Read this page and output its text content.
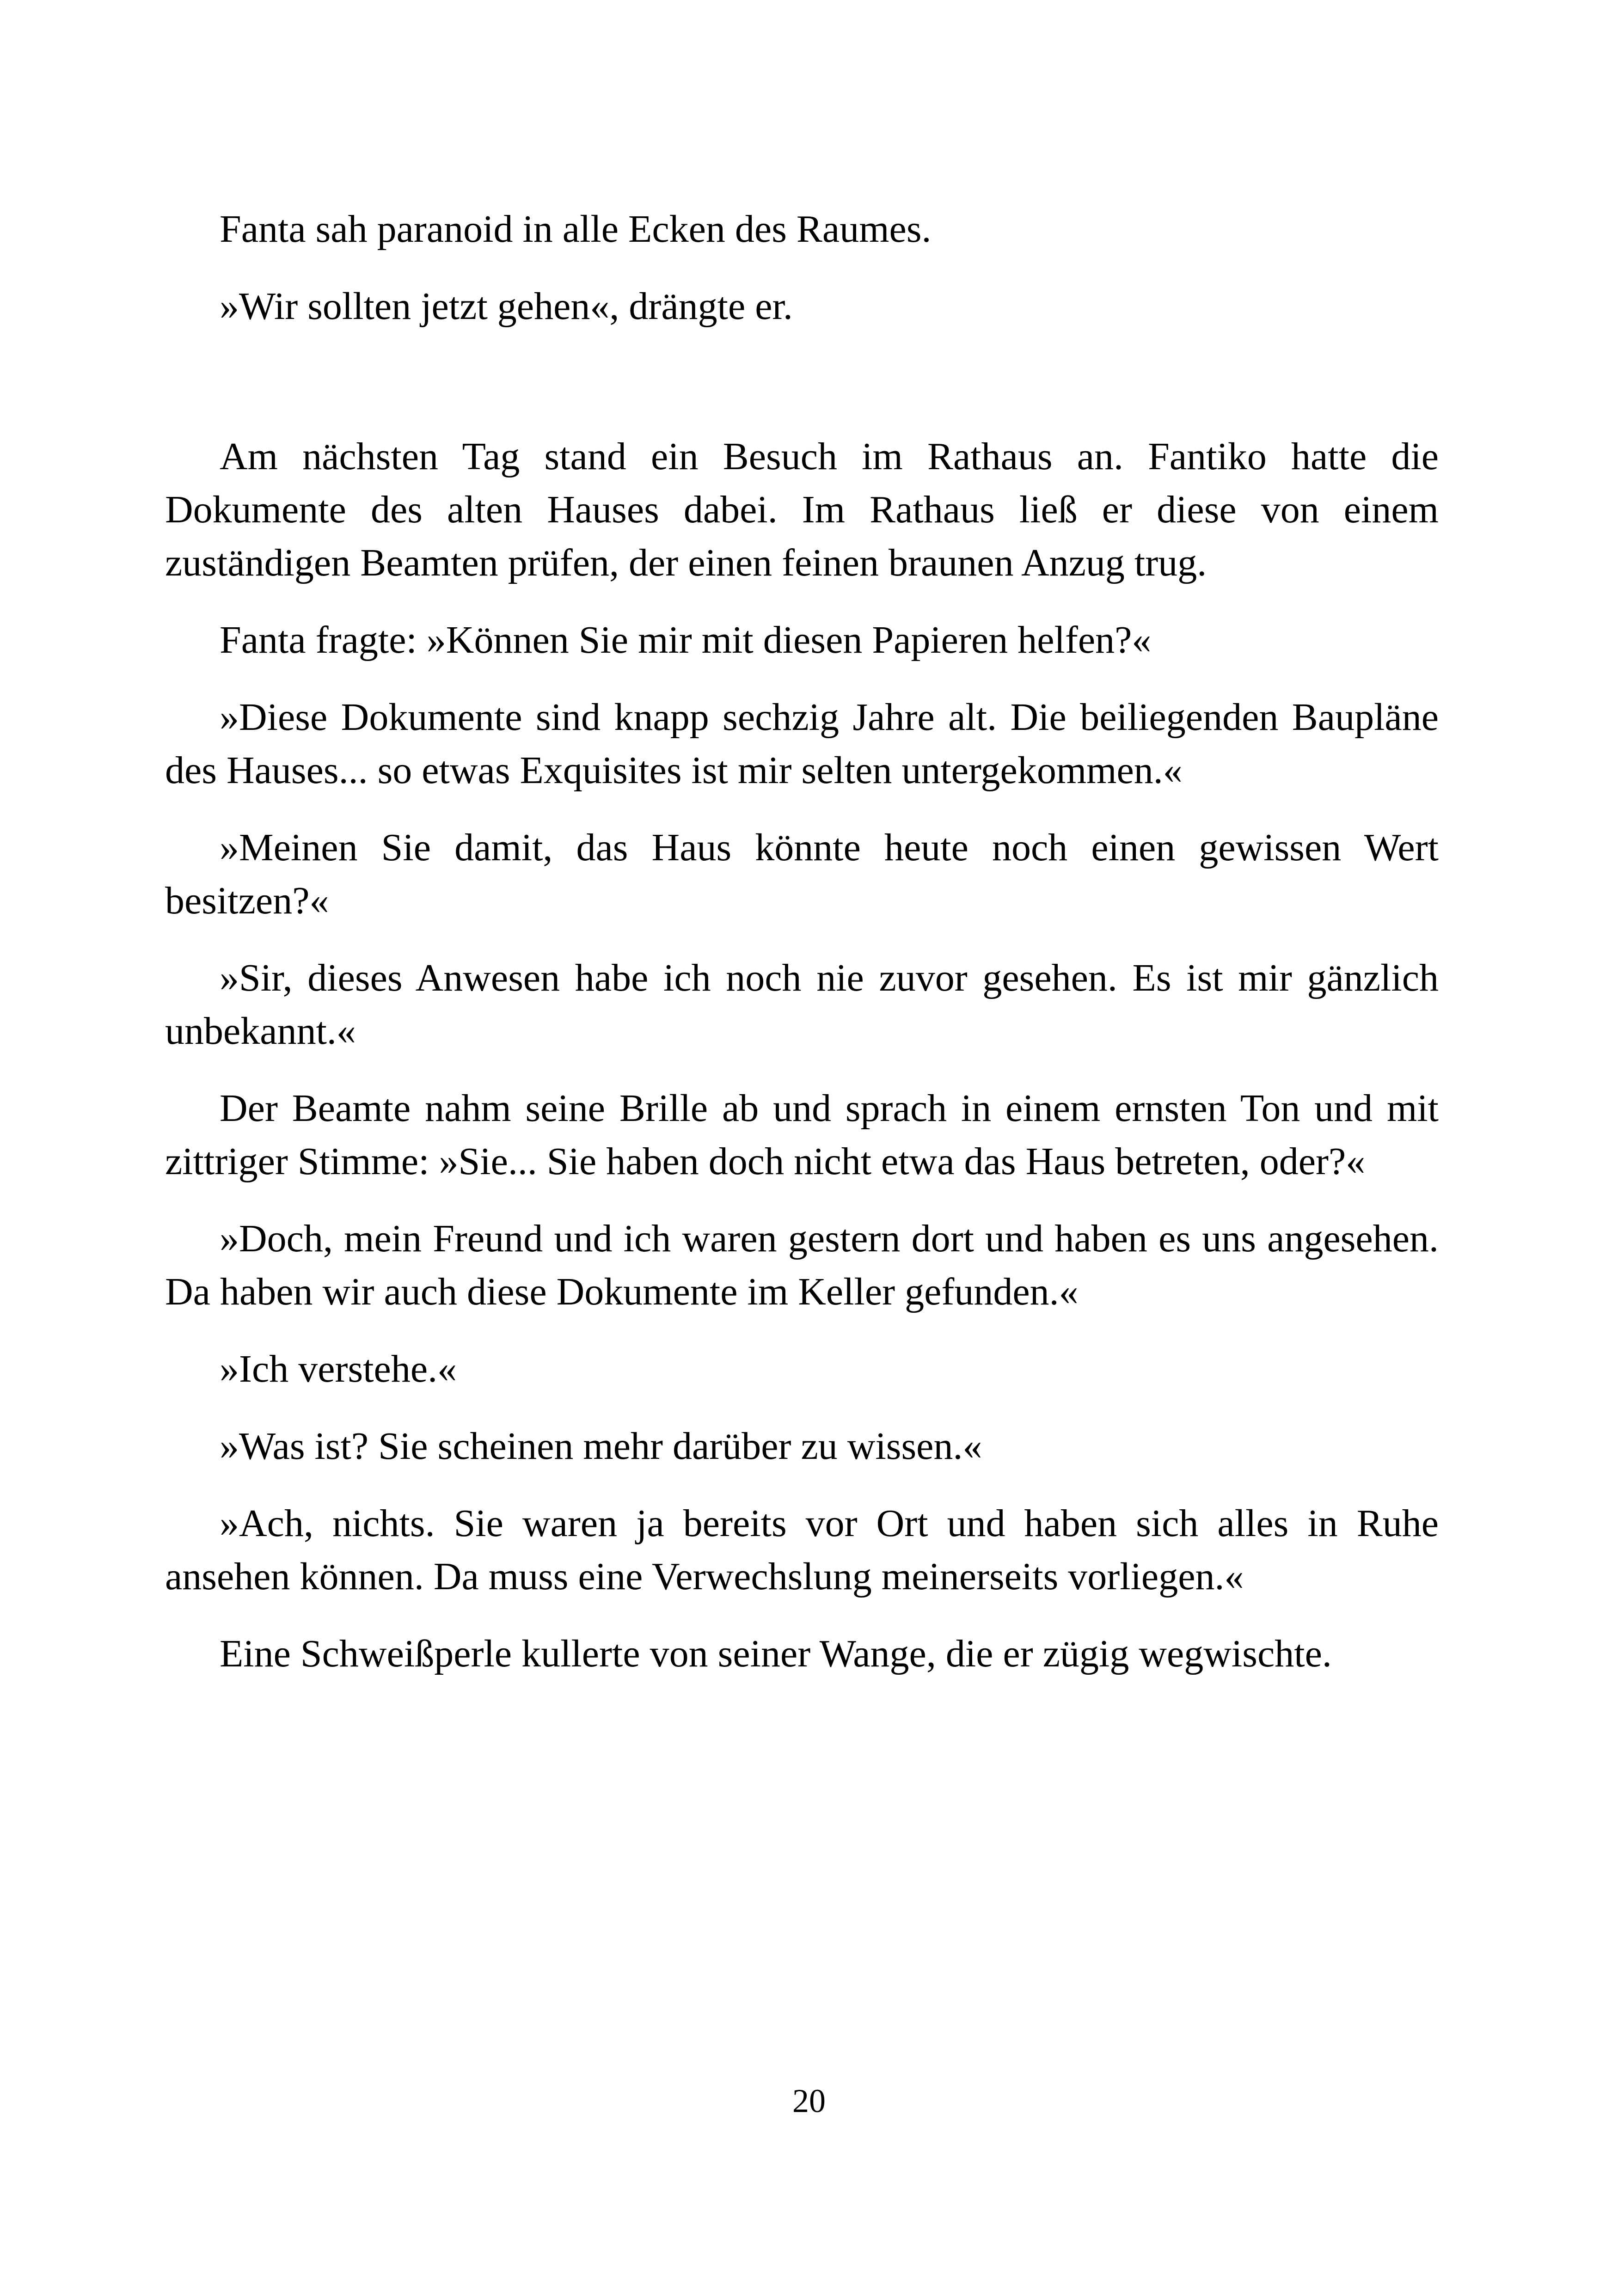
Fanta sah paranoid in alle Ecken des Raumes.

»Wir sollten jetzt gehen«, drängte er.

Am nächsten Tag stand ein Besuch im Rathaus an. Fantiko hatte die Dokumente des alten Hauses dabei. Im Rathaus ließ er diese von einem zuständigen Beamten prüfen, der einen feinen braunen Anzug trug.

Fanta fragte: »Können Sie mir mit diesen Papieren helfen?«

»Diese Dokumente sind knapp sechzig Jahre alt. Die beiliegenden Baupläne des Hauses... so etwas Exquisites ist mir selten untergekommen.«

»Meinen Sie damit, das Haus könnte heute noch einen gewissen Wert besitzen?«

»Sir, dieses Anwesen habe ich noch nie zuvor gesehen. Es ist mir gänzlich unbekannt.«

Der Beamte nahm seine Brille ab und sprach in einem ernsten Ton und mit zittriger Stimme: »Sie... Sie haben doch nicht etwa das Haus betreten, oder?«

»Doch, mein Freund und ich waren gestern dort und haben es uns angesehen. Da haben wir auch diese Dokumente im Keller gefunden.«

»Ich verstehe.«

»Was ist? Sie scheinen mehr darüber zu wissen.«

»Ach, nichts. Sie waren ja bereits vor Ort und haben sich alles in Ruhe ansehen können. Da muss eine Verwechslung meinerseits vorliegen.«

Eine Schweißperle kullerte von seiner Wange, die er zügig wegwischte.

20
